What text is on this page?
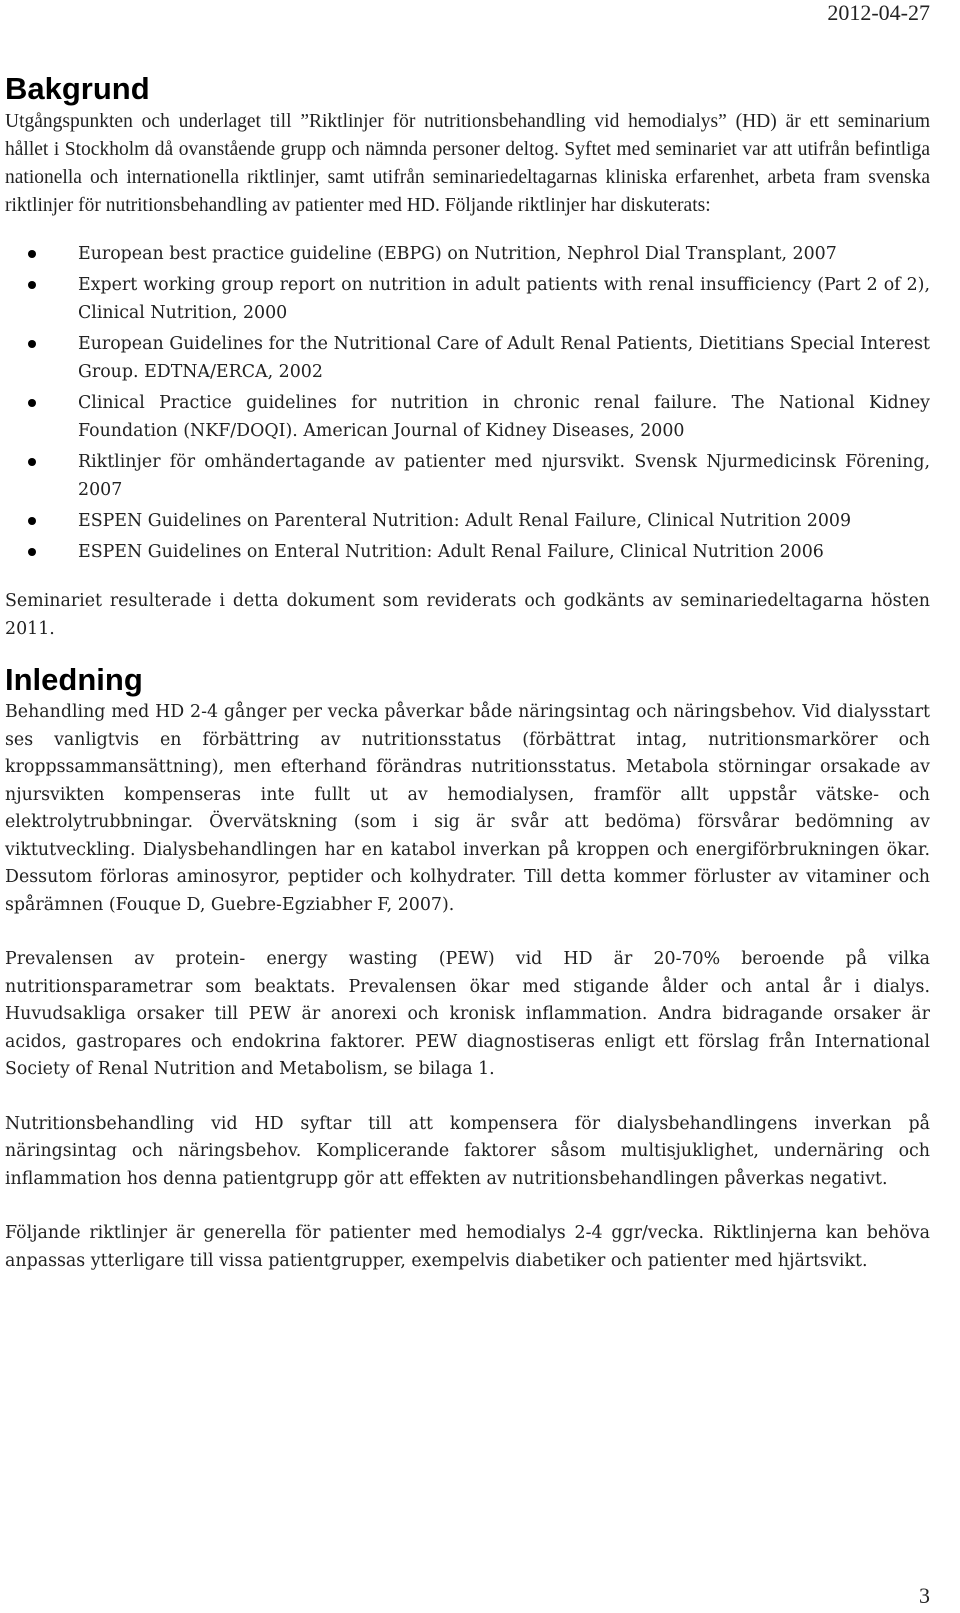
2012-04-27
Bakgrund

Utgångspunkten och underlaget till ”Riktlinjer för nutritionsbehandling vid hemodialys” (HD) är ett seminarium hållet i Stockholm då ovanstående grupp och nämnda personer deltog. Syftet med seminariet var att utifrån befintliga nationella och internationella riktlinjer, samt utifrån seminariedeltagarnas kliniska erfarenhet, arbeta fram svenska riktlinjer för nutritionsbehandling av patienter med HD. Följande riktlinjer har diskuterats:

European best practice guideline (EBPG) on Nutrition, Nephrol Dial Transplant, 2007
Expert working group report on nutrition in adult patients with renal insufficiency (Part 2 of 2), Clinical Nutrition, 2000
European Guidelines for the Nutritional Care of Adult Renal Patients, Dietitians Special Interest Group. EDTNA/ERCA, 2002
Clinical Practice guidelines for nutrition in chronic renal failure. The National Kidney Foundation (NKF/DOQI). American Journal of Kidney Diseases, 2000
Riktlinjer för omhändertagande av patienter med njursvikt. Svensk Njurmedicinsk Förening, 2007
ESPEN Guidelines on Parenteral Nutrition: Adult Renal Failure, Clinical Nutrition 2009
ESPEN Guidelines on Enteral Nutrition: Adult Renal Failure, Clinical Nutrition 2006

Seminariet resulterade i detta dokument som reviderats och godkänts av seminariedeltagarna hösten 2011.

Inledning

Behandling med HD 2-4 gånger per vecka påverkar både näringsintag och näringsbehov. Vid dialysstart ses vanligtvis en förbättring av nutritionsstatus (förbättrat intag, nutritionsmarkörer och kroppssammansättning), men efterhand förändras nutritionsstatus. Metabola störningar orsakade av njursvikten kompenseras inte fullt ut av hemodialysen, framför allt uppstår vätske- och elektrolytrubbningar. Övervätskning (som i sig är svår att bedöma) försvårar bedömning av viktutveckling. Dialysbehandlingen har en katabol inverkan på kroppen och energiförbrukningen ökar. Dessutom förloras aminosyror, peptider och kolhydrater. Till detta kommer förluster av vitaminer och spårämnen (Fouque D, Guebre-Egziabher F, 2007).

Prevalensen av protein- energy wasting (PEW) vid HD är 20-70% beroende på vilka nutritionsparametrar som beaktats. Prevalensen ökar med stigande ålder och antal år i dialys. Huvudsakliga orsaker till PEW är anorexi och kronisk inflammation. Andra bidragande orsaker är acidos, gastropares och endokrina faktorer. PEW diagnostiseras enligt ett förslag från International Society of Renal Nutrition and Metabolism, se bilaga 1.

Nutritionsbehandling vid HD syftar till att kompensera för dialysbehandlingens inverkan på näringsintag och näringsbehov. Komplicerande faktorer såsom multisjuklighet, undernäring och inflammation hos denna patientgrupp gör att effekten av nutritionsbehandlingen påverkas negativt.

Följande riktlinjer är generella för patienter med hemodialys 2-4 ggr/vecka. Riktlinjerna kan behöva anpassas ytterligare till vissa patientgrupper, exempelvis diabetiker och patienter med hjärtsvikt.

3
